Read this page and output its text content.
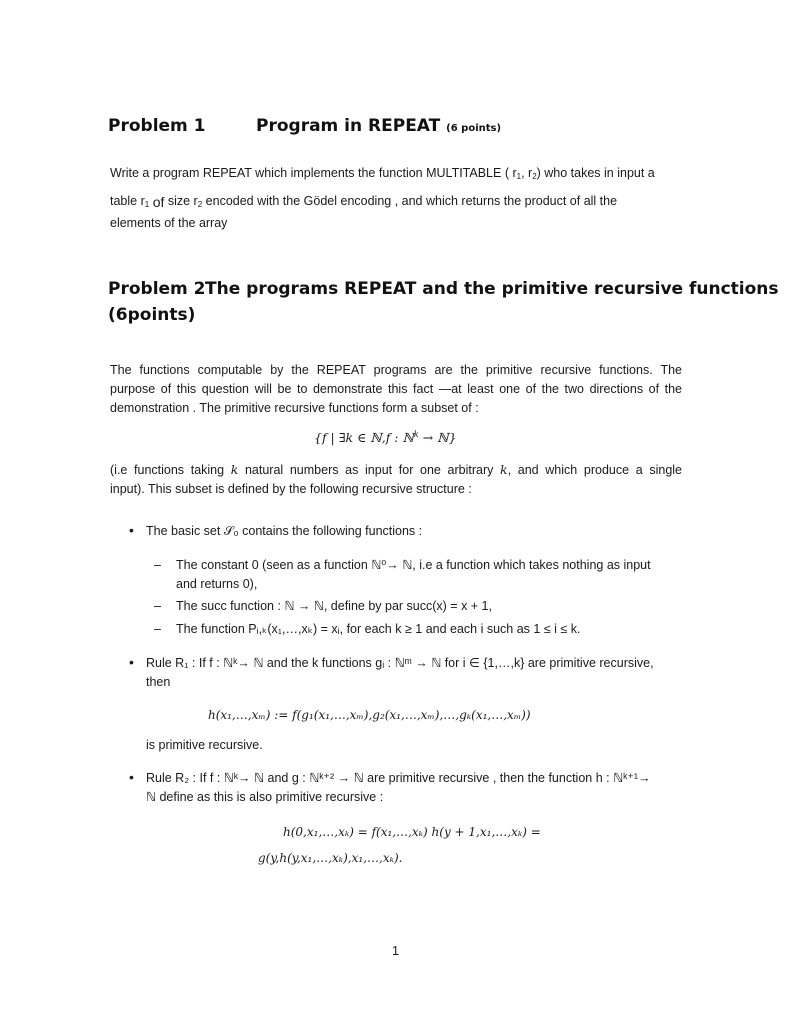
Problem 1	Program in REPEAT (6 points)
Write a program REPEAT which implements the function MULTITABLE ( $r_1$, $r_2$) who takes in input a
table $r_1$ of size $r_2$ encoded with the Gödel encoding , and which returns the product of all the
elements of the array
Problem 2 The programs REPEAT and the primitive recursive functions
(6points)
The functions computable by the REPEAT programs are the primitive recursive functions. The
purpose of this question will be to demonstrate this fact —at least one of the two directions of the
demonstration . The primitive recursive functions form a subset of :
{f | ∃k ∈ ℕ,f : ℕ$^k$ → ℕ}
(i.e functions taking k natural numbers as input for one arbitrary k, and which produce a single
input). This subset is defined by the following recursive structure :
• The basic set 𝒮₀ contains the following functions :
– The constant 0 (seen as a function ℕ⁰→ ℕ, i.e a function which takes nothing as input
and returns 0),
– The succ function : ℕ → ℕ, define by par succ(x) = x + 1,
– The function Pᵢ,ₖ(x₁,…,xₖ) = xᵢ, for each k ≥ 1 and each i such as 1 ≤ i ≤ k.
• Rule R₁ : If f : ℕᵏ→ ℕ and the k functions gᵢ : ℕᵐ → ℕ for i ∈ {1,…,k} are primitive recursive,
then
h(x₁,…,xₘ) := f(g₁(x₁,…,xₘ),g₂(x₁,…,xₘ),…,gₖ(x₁,…,xₘ))
is primitive recursive.
• Rule R₂ : If f : ℕᵏ→ ℕ and g : ℕᵏ⁺² → ℕ are primitive recursive , then the function h : ℕᵏ⁺¹→
ℕ define as this is also primitive recursive :
h(0,x₁,…,xₖ) = f(x₁,…,xₖ) h(y + 1,x₁,…,xₖ) =
g(y,h(y,x₁,…,xₖ),x₁,…,xₖ).
1
